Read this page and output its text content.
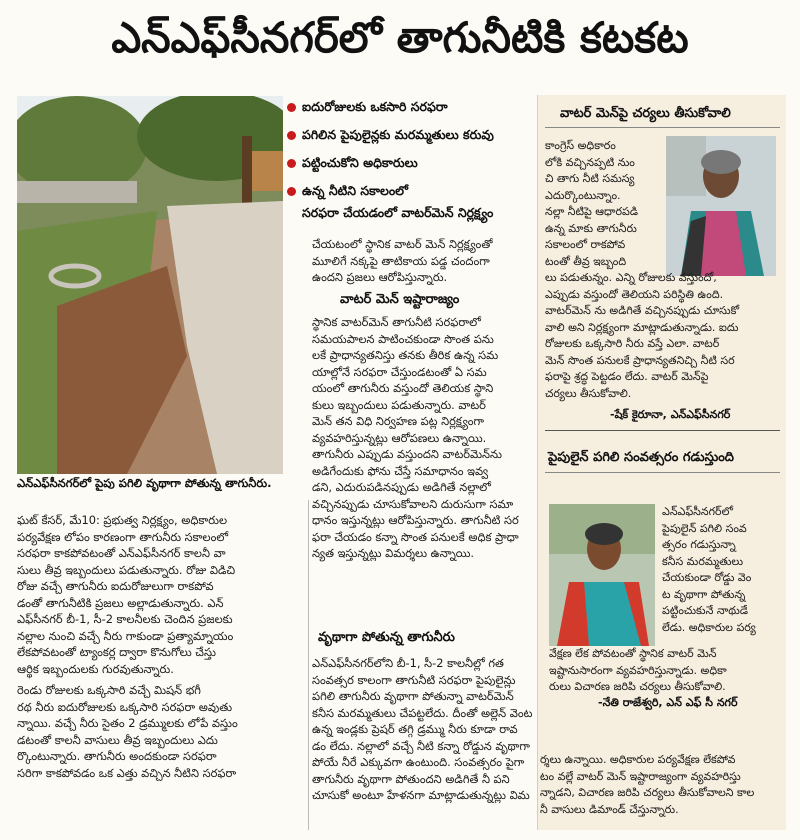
ఎన్ఎఫ్‌సీనగర్‌లో తాగునీటికి కటకట
ఎన్ఎఫ్‌సీనగర్‌లో పైపు పగిలి వృథాగా పోతున్న తాగునీరు.
ఐదురోజులకు ఒకసారి సరఫరా
పగిలిన పైపులైన్లకు మరమ్మతులు కరువు
పట్టించుకోని అధికారులు
ఉన్న నీటిని సకాలంలో
సరఫరా చేయడంలో వాటర్‌మెన్ నిర్లక్ష్యం

చేయటంలో స్థానిక వాటర్ మెన్ నిర్లక్ష్యంతో

మూలిగే నక్కపై తాటికాయ పడ్డ చందంగా

ఉందని ప్రజలు ఆరోపిస్తున్నారు.

వాటర్ మెన్ ఇష్టారాజ్యం

స్థానిక వాటర్‌మెన్ తాగునీటి సరఫరాలో

సమయపాలన పాటించకుండా సొంత పను

లకే ప్రాధాన్యతనిస్తు తనకు తీరిక ఉన్న సమ

యాల్లోనే సరఫరా చేస్తుండటంతో ఏ సమ

యంలో తాగునీరు వస్తుందో తెలియక స్థాని

కులు ఇబ్బందులు పడుతున్నారు. వాటర్

మెన్ తన విధి నిర్వహణ పట్ల నిర్లక్ష్యంగా

వ్యవహరిస్తున్నట్లు ఆరోపణలు ఉన్నాయి.

తాగునీరు ఎప్పుడు వస్తుందని వాటర్‌మెన్‌ను

అడిగేందుకు ఫోను చేస్తే సమాధానం ఇవ్వ

డని, ఎదురుపడినప్పుడు అడిగితే నల్లాలో

వచ్చినప్పుడు చూసుకోవాలని దురుసుగా సమా

ధానం ఇస్తున్నట్లు ఆరోపిస్తున్నారు. తాగునీటి సర

ఫరా చేయడం కన్నా సొంత పనులకే అధిక ప్రాధా

న్యత ఇస్తున్నట్లు విమర్శలు ఉన్నాయి.

వృథాగా పోతున్న తాగునీరు

ఎన్ఎఫ్‌సీనగర్‌లోని బీ-1, సీ-2 కాలనీల్లో గత

సంవత్సర కాలంగా తాగునీటి సరఫరా పైపులైన్లు

పగిలి తాగునీరు వృథాగా పోతున్నా వాటర్‌మెన్

కనీస మరమ్మతులు చేపట్టలేదు. దీంతో అల్లెన్ వెంట

ఉన్న ఇండ్లకు ప్రెషర్ తగ్గి డ్రమ్ము నీరు కూడా రావ

డం లేదు. నల్లాలో వచ్చే నీటి కన్నా రోడ్డున వృథాగా

పోయే నీరే ఎక్కువగా ఉంటుంది. సంవత్సరం పైగా

తాగునీరు వృథాగా పోతుందని అడిగితే నీ పని

చూసుకో అంటూ హేళనగా మాట్లాడుతున్నట్లు విమ

ఘట్ కేసర్, మే10: ప్రభుత్వ నిర్లక్ష్యం, అధికారుల

పర్యవేక్షణ లోపం కారణంగా తాగునీరు సకాలంలో

సరఫరా కాకపోవటంతో ఎన్ఎఫ్‌సీనగర్ కాలనీ వా

సులు తీవ్ర ఇబ్బందులు పడుతున్నారు. రోజు విడిచి

రోజు వచ్చే తాగునీరు ఐదురోజులుగా రాకపోవ

డంతో తాగునీటికి ప్రజలు అల్లాడుతున్నారు. ఎన్

ఎఫ్‌సీనగర్ బీ-1, సీ-2 కాలనీలకు చెందిన ప్రజలకు

నల్లాల నుంచి వచ్చే నీరు గాకుండా ప్రత్యామ్నాయం

లేకపోవటంతో ట్యాంకర్ల ద్వారా కొనుగోలు చేస్తు

ఆర్థిక ఇబ్బందులకు గురవుతున్నారు.

రెండు రోజులకు ఒక్కసారి వచ్చే మిషన్ భగీ

రథ నీరు ఐదురోజులకు ఒక్కసారి సరఫరా అవుతు

న్నాయి. వచ్చే నీరు సైతం 2 డ్రమ్ములకు లోపే వస్తుం

డటంతో కాలనీ వాసులు తీవ్ర ఇబ్బందులు ఎదు

ర్కొంటున్నారు. తాగునీరు అందకుండా సరఫరా

సరిగా కాకపోవడం ఒక ఎత్తు వచ్చిన నీటిని సరఫరా

వాటర్ మెన్‌పై చర్యలు తీసుకోవాలి

కాంగ్రెస్ అధికారం

లోకి వచ్చినప్పటి నుం

చి తాగు నీటి సమస్య

ఎదుర్కొంటున్నాం.

నల్లా నీటిపై ఆధారపడి

ఉన్న మాకు తాగునీరు

సకాలంలో రాకపోవ

టంతో తీవ్ర ఇబ్బంది

లు పడుతున్నం. ఎన్ని రోజులకు వస్తుందో,

ఎప్పుడు వస్తుందో తెలియని పరిస్థితి ఉంది.

వాటర్‌మెన్ ను అడిగితే వచ్చినప్పుడు చూసుకో

వాలి అని నిర్లక్ష్యంగా మాట్లాడుతున్నాడు. ఐదు

రోజులకు ఒక్కసారి నీరు వస్తే ఎలా. వాటర్

మెన్ సొంత పనులకే ప్రాధాన్యతనిచ్చి నీటి సర

ఫరాపై శ్రద్ధ పెట్టడం లేదు. వాటర్ మెన్‌పై

చర్యలు తీసుకోవాలి.

-షేక్ కైరూనా, ఎన్ఎఫ్‌సీనగర్
పైపులైన్ పగిలి సంవత్సరం గడుస్తుంది

ఎన్ఎఫ్‌సీనగర్‌లో

పైపులైన్ పగిలి సంవ

త్సరం గడుస్తున్నా

కనీస మరమ్మతులు

చేయకుండా రోడ్డు వెం

ట వృథాగా పోతున్న

పట్టించుకునే నాథుడే

లేడు. అధికారుల పర్య

వేక్షణ లేక పోవటంతో స్థానిక వాటర్ మెన్

ఇష్టానుసారంగా వ్యవహరిస్తున్నాడు. అధికా

రులు విచారణ జరిపి చర్యలు తీసుకోవాలి.

-నేతి రాజేశ్వరి, ఎన్ ఎఫ్ సీ నగర్

ర్శలు ఉన్నాయి. అధికారుల పర్యవేక్షణ లేకపోవ

టం వల్లే వాటర్ మెన్ ఇష్టారాజ్యంగా వ్యవహరిస్తు

న్నాడని, విచారణ జరిపి చర్యలు తీసుకోవాలని కాల

నీ వాసులు డిమాండ్ చేస్తున్నారు.
